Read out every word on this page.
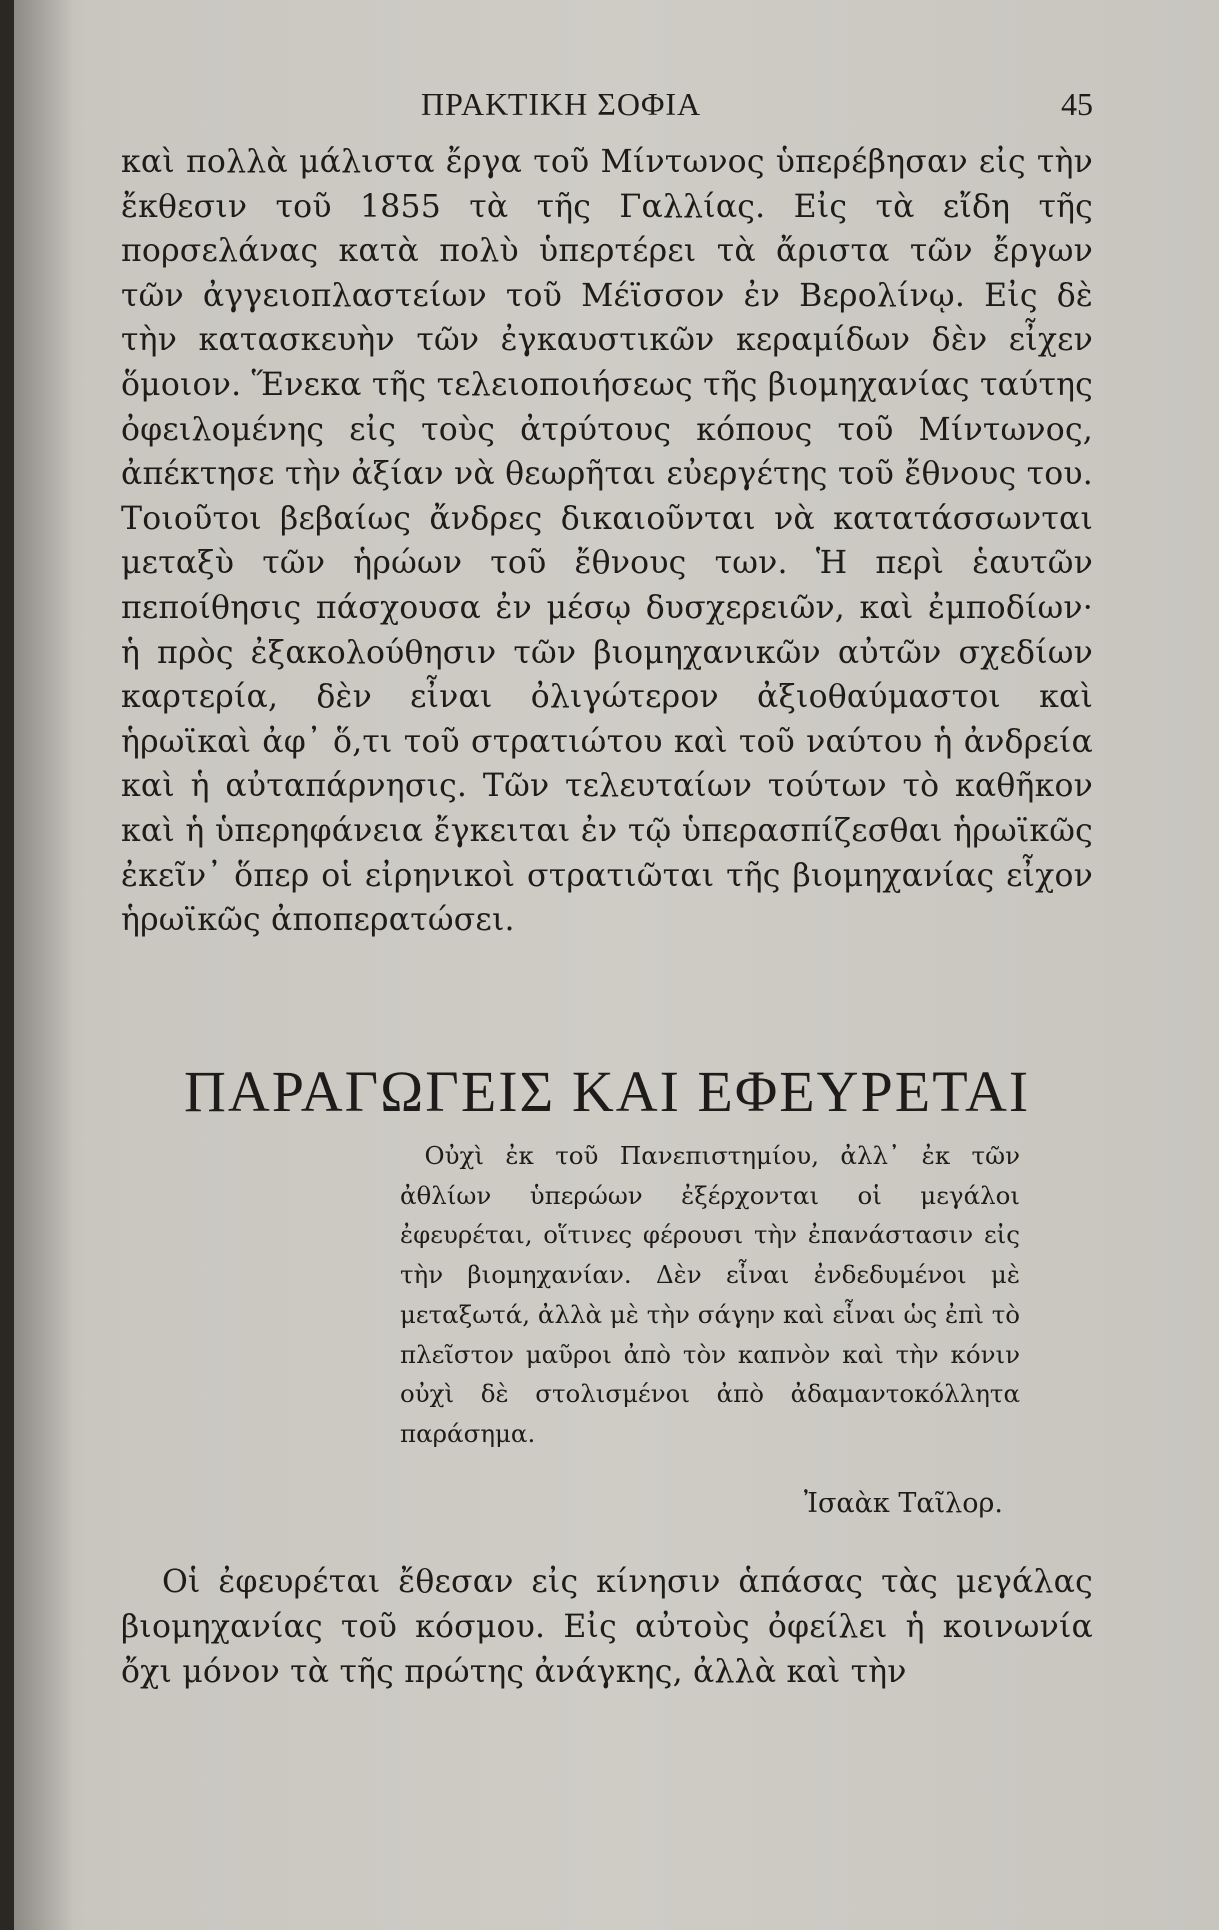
ΠΡΑΚΤΙΚΗ ΣΟΦΙΑ	45

καὶ πολλὰ μάλιστα ἔργα τοῦ Μίντωνος ὑπερέβησαν εἰς τὴν ἔκθεσιν τοῦ 1855 τὰ τῆς Γαλλίας. Εἰς τὰ εἴδη τῆς πορσελάνας κατὰ πολὺ ὑπερτέρει τὰ ἄριστα τῶν ἔργων τῶν ἀγγειοπλαστείων τοῦ Μέϊσσον ἐν Βερολίνῳ. Εἰς δὲ τὴν κατασκευὴν τῶν ἐγκαυστικῶν κεραμίδων δὲν εἶχεν ὅμοιον. Ἕνεκα τῆς τελειοποιήσεως τῆς βιομηχανίας ταύτης ὀφειλομένης εἰς τοὺς ἀτρύτους κόπους τοῦ Μίντωνος, ἀπέκτησε τὴν ἀξίαν νὰ θεωρῆται εὐεργέτης τοῦ ἔθνους του. Τοιοῦτοι βεβαίως ἄνδρες δικαιοῦνται νὰ κατατάσσωνται μεταξὺ τῶν ἡρώων τοῦ ἔθνους των. Ἡ περὶ ἑαυτῶν πεποίθησις πάσχουσα ἐν μέσῳ δυσχερειῶν, καὶ ἐμποδίων· ἡ πρὸς ἐξακολούθησιν τῶν βιομηχανικῶν αὐτῶν σχεδίων καρτερία, δὲν εἶναι ὀλιγώτερον ἀξιοθαύμαστοι καὶ ἡρωϊκαὶ ἀφ᾽ ὅ,τι τοῦ στρατιώτου καὶ τοῦ ναύτου ἡ ἀνδρεία καὶ ἡ αὐταπάρνησις. Τῶν τελευταίων τούτων τὸ καθῆκον καὶ ἡ ὑπερηφάνεια ἔγκειται ἐν τῷ ὑπερασπίζεσθαι ἡρωϊκῶς ἐκεῖν᾽ ὅπερ οἱ εἰρηνικοὶ στρατιῶται τῆς βιομηχανίας εἶχον ἡρωϊκῶς ἀποπερατώσει.

ΠΑΡΑΓΩΓΕΙΣ ΚΑΙ ΕΦΕΥΡΕΤΑΙ

Οὐχὶ ἐκ τοῦ Πανεπιστημίου, ἀλλ᾽ ἐκ τῶν ἀθλίων ὑπερώων ἐξέρχονται οἱ μεγάλοι ἐφευρέται, οἵτινες φέρουσι τὴν ἐπανάστασιν εἰς τὴν βιομηχανίαν. Δὲν εἶναι ἐνδεδυμένοι μὲ μεταξωτά, ἀλλὰ μὲ τὴν σάγην καὶ εἶναι ὡς ἐπὶ τὸ πλεῖστον μαῦροι ἀπὸ τὸν καπνὸν καὶ τὴν κόνιν οὐχὶ δὲ στολισμένοι ἀπὸ ἀδαμαντοκόλλητα παράσημα.

Ἰσαὰκ Ταῖλορ.

Οἱ ἐφευρέται ἔθεσαν εἰς κίνησιν ἁπάσας τὰς μεγάλας βιομηχανίας τοῦ κόσμου. Εἰς αὐτοὺς ὀφείλει ἡ κοινωνία ὄχι μόνον τὰ τῆς πρώτης ἀνάγκης, ἀλλὰ καὶ τὴν
